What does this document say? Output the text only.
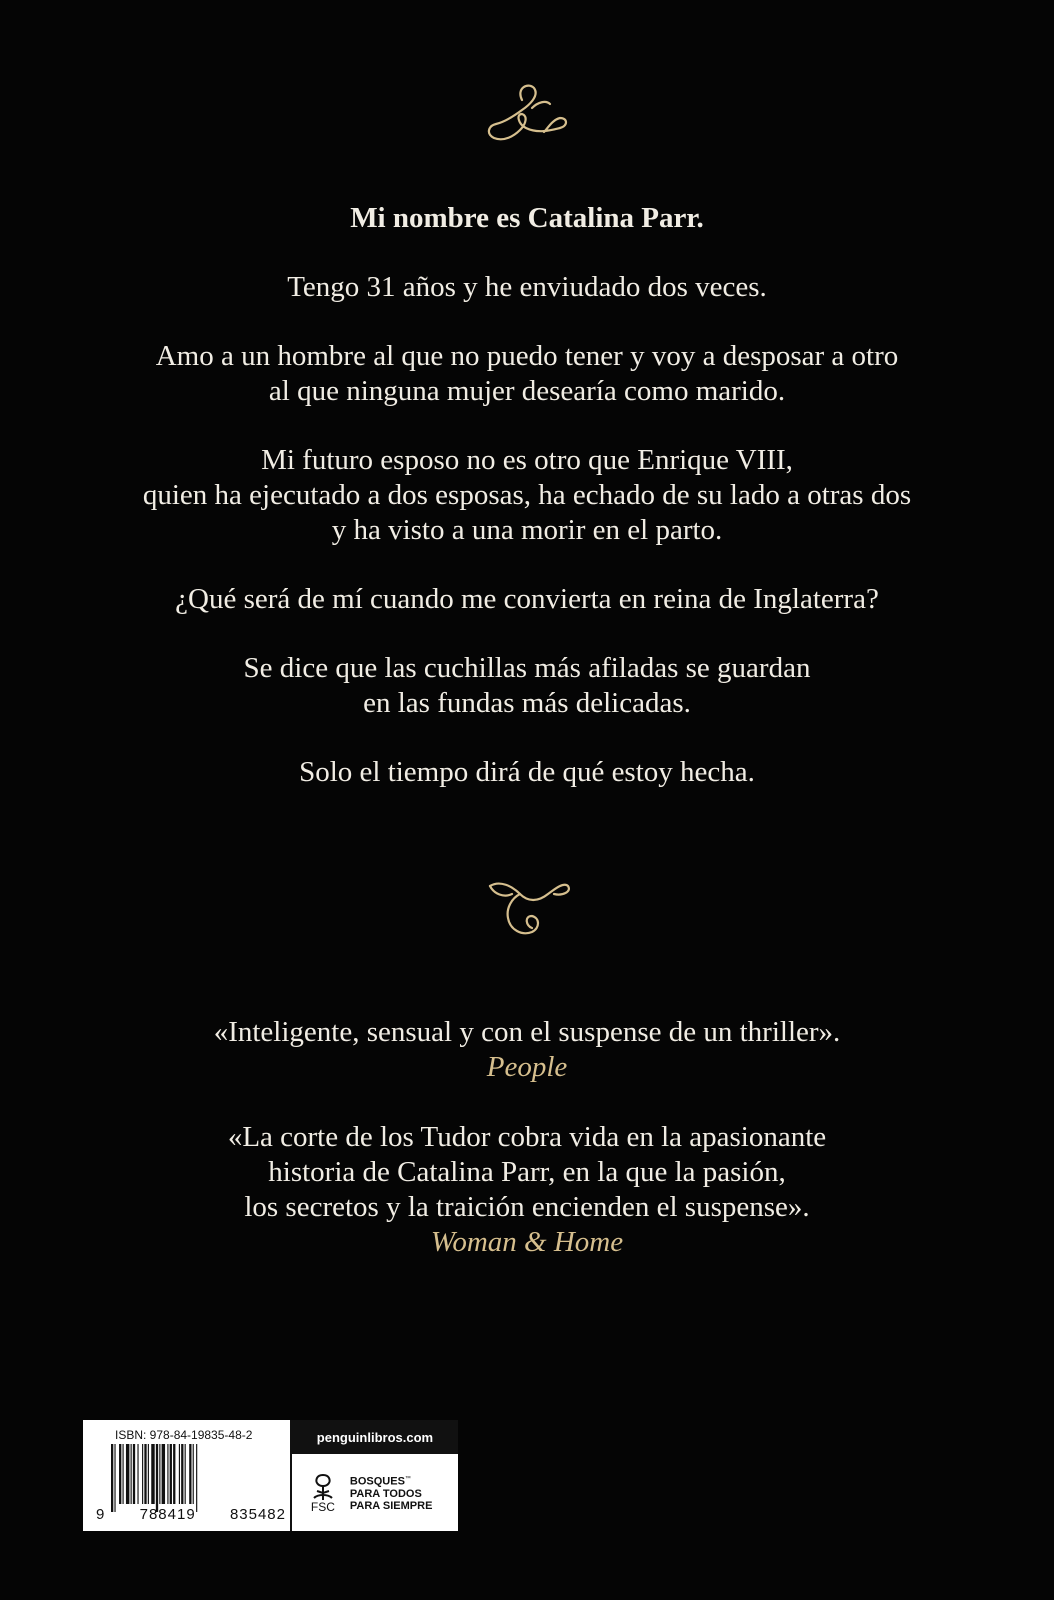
Mi nombre es Catalina Parr.

Tengo 31 años y he enviudado dos veces.

Amo a un hombre al que no puedo tener y voy a desposar a otro
al que ninguna mujer desearía como marido.
Mi futuro esposo no es otro que Enrique VIII,
quien ha ejecutado a dos esposas, ha echado de su lado a otras dos
y ha visto a una morir en el parto.

¿Qué será de mí cuando me convierta en reina de Inglaterra?

Se dice que las cuchillas más afiladas se guardan
en las fundas más delicadas.

Solo el tiempo dirá de qué estoy hecha.

«Inteligente, sensual y con el suspense de un thriller».
People
«La corte de los Tudor cobra vida en la apasionante
historia de Catalina Parr, en la que la pasión,
los secretos y la traición encienden el suspense».
Woman & Home
ISBN: 978-84-19835-48-2
9 788419 835482
penguinlibros.com
FSC
BOSQUES™
PARA TODOS
PARA SIEMPRE
